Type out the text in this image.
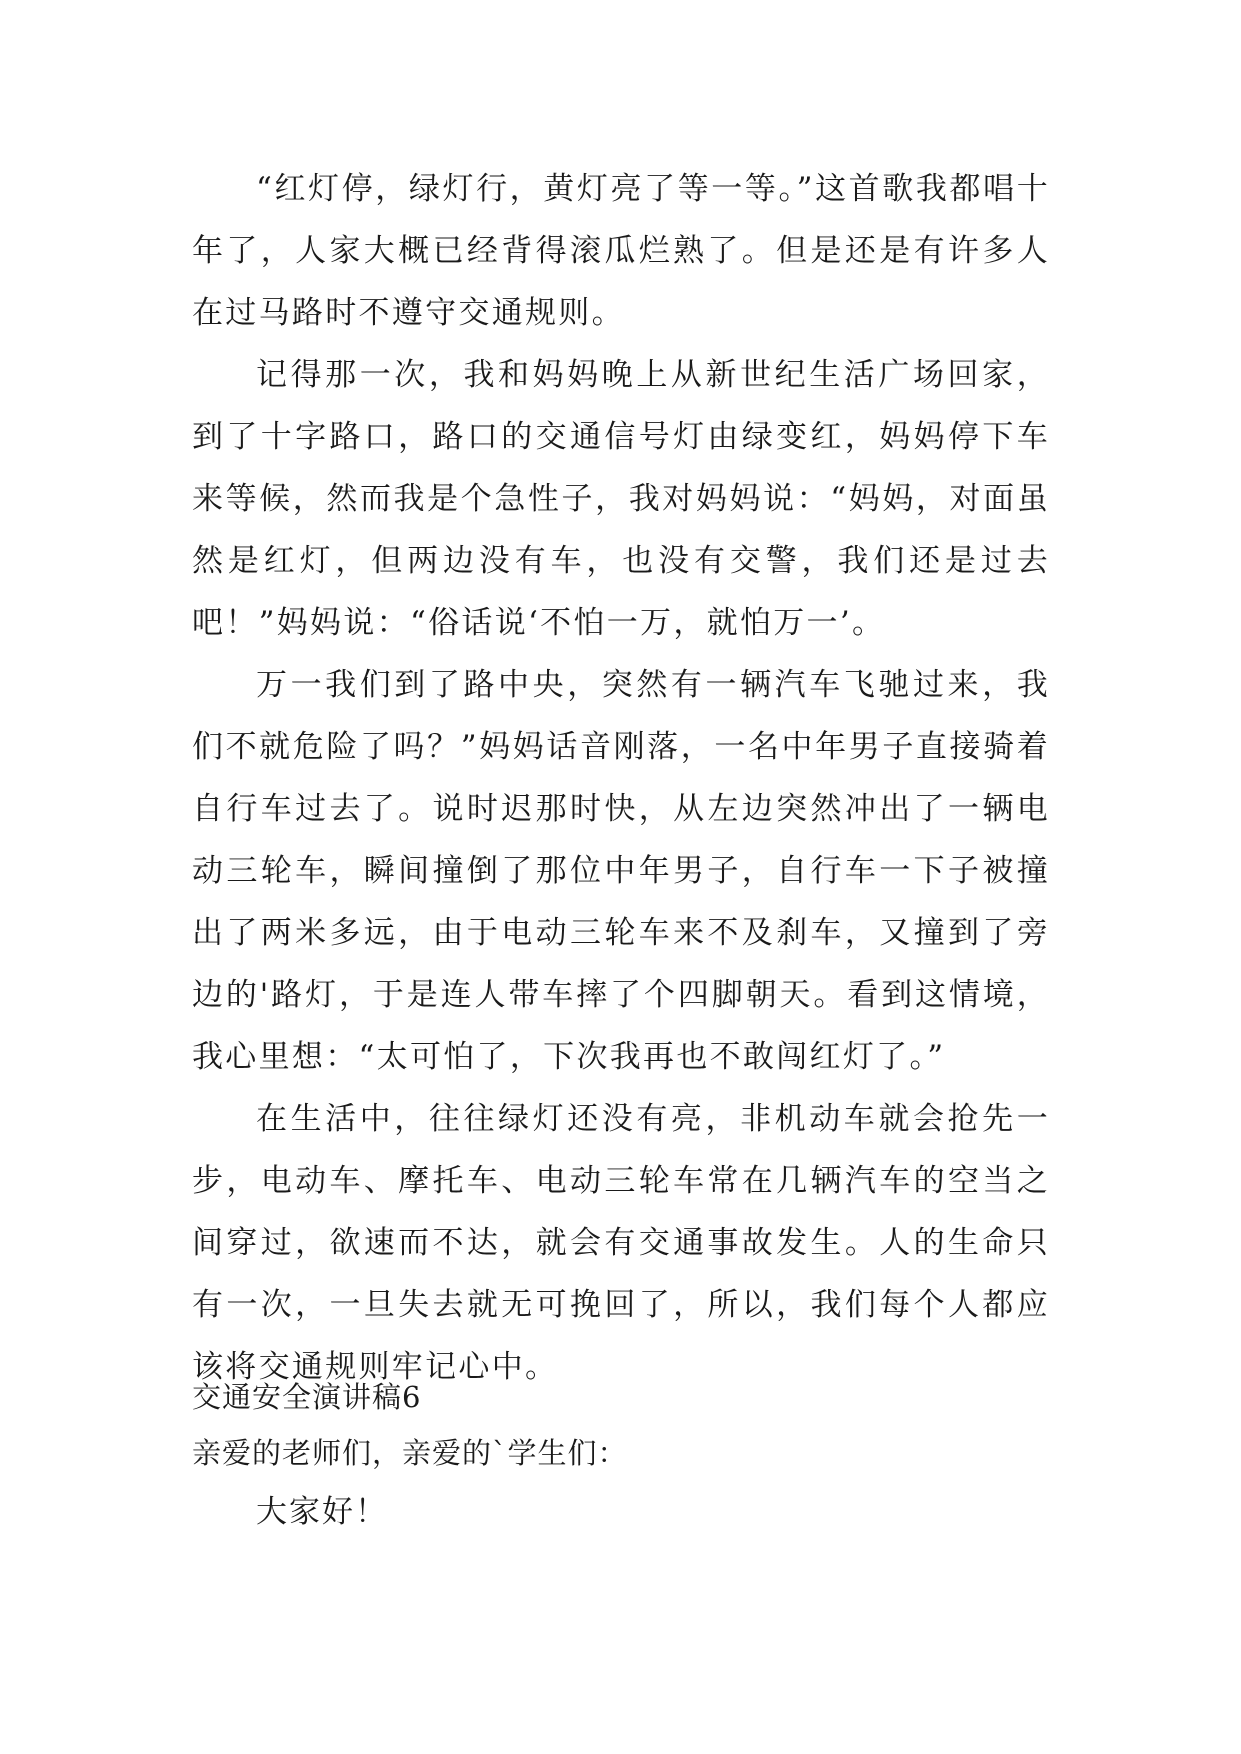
“红灯停，绿灯行，黄灯亮了等一等。”这首歌我都唱十年了，人家大概已经背得滚瓜烂熟了。但是还是有许多人在过马路时不遵守交通规则。

记得那一次，我和妈妈晚上从新世纪生活广场回家，到了十字路口，路口的交通信号灯由绿变红，妈妈停下车来等候，然而我是个急性子，我对妈妈说：“妈妈，对面虽然是红灯，但两边没有车，也没有交警，我们还是过去吧！”妈妈说：“俗话说‘不怕一万，就怕万一’。

万一我们到了路中央，突然有一辆汽车飞驰过来，我们不就危险了吗？”妈妈话音刚落，一名中年男子直接骑着自行车过去了。说时迟那时快，从左边突然冲出了一辆电动三轮车，瞬间撞倒了那位中年男子，自行车一下子被撞出了两米多远，由于电动三轮车来不及刹车，又撞到了旁边的'路灯，于是连人带车摔了个四脚朝天。看到这情境，我心里想：“太可怕了，下次我再也不敢闯红灯了。”

在生活中，往往绿灯还没有亮，非机动车就会抢先一步，电动车、摩托车、电动三轮车常在几辆汽车的空当之间穿过，欲速而不达，就会有交通事故发生。人的生命只有一次，一旦失去就无可挽回了，所以，我们每个人都应该将交通规则牢记心中。

交通安全演讲稿6

亲爱的老师们，亲爱的`学生们：

大家好！
